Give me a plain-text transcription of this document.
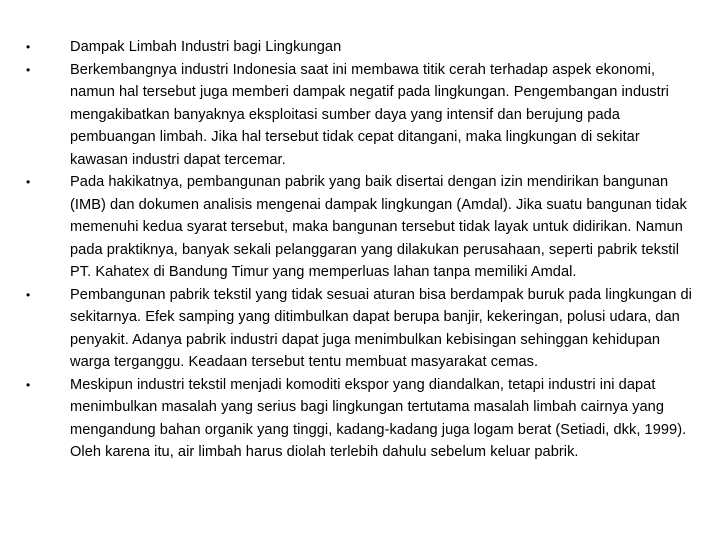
•	Dampak Limbah Industri bagi Lingkungan
•	Berkembangnya industri Indonesia saat ini membawa titik cerah terhadap aspek ekonomi, namun hal tersebut juga memberi dampak negatif pada lingkungan. Pengembangan industri mengakibatkan banyaknya eksploitasi sumber daya yang intensif dan berujung pada pembuangan limbah. Jika hal tersebut tidak cepat ditangani, maka lingkungan di sekitar kawasan industri dapat tercemar.
•	Pada hakikatnya, pembangunan pabrik yang baik disertai dengan izin mendirikan bangunan (IMB) dan dokumen analisis mengenai dampak lingkungan (Amdal). Jika suatu bangunan tidak memenuhi kedua syarat tersebut, maka bangunan tersebut tidak layak untuk didirikan. Namun pada praktiknya, banyak sekali pelanggaran yang dilakukan perusahaan, seperti pabrik tekstil PT. Kahatex di Bandung Timur yang memperluas lahan tanpa memiliki Amdal.
•	Pembangunan pabrik tekstil yang tidak sesuai aturan bisa berdampak buruk pada lingkungan di sekitarnya. Efek samping yang ditimbulkan dapat berupa banjir, kekeringan, polusi udara, dan penyakit. Adanya pabrik industri dapat juga menimbulkan kebisingan sehinggan kehidupan warga terganggu. Keadaan tersebut tentu membuat masyarakat cemas.
•	Meskipun industri tekstil menjadi komoditi ekspor yang diandalkan, tetapi industri ini dapat menimbulkan masalah yang serius bagi lingkungan tertutama masalah limbah cairnya yang mengandung bahan organik yang tinggi, kadang-kadang juga logam berat (Setiadi, dkk, 1999). Oleh karena itu, air limbah harus diolah terlebih dahulu sebelum keluar pabrik.
